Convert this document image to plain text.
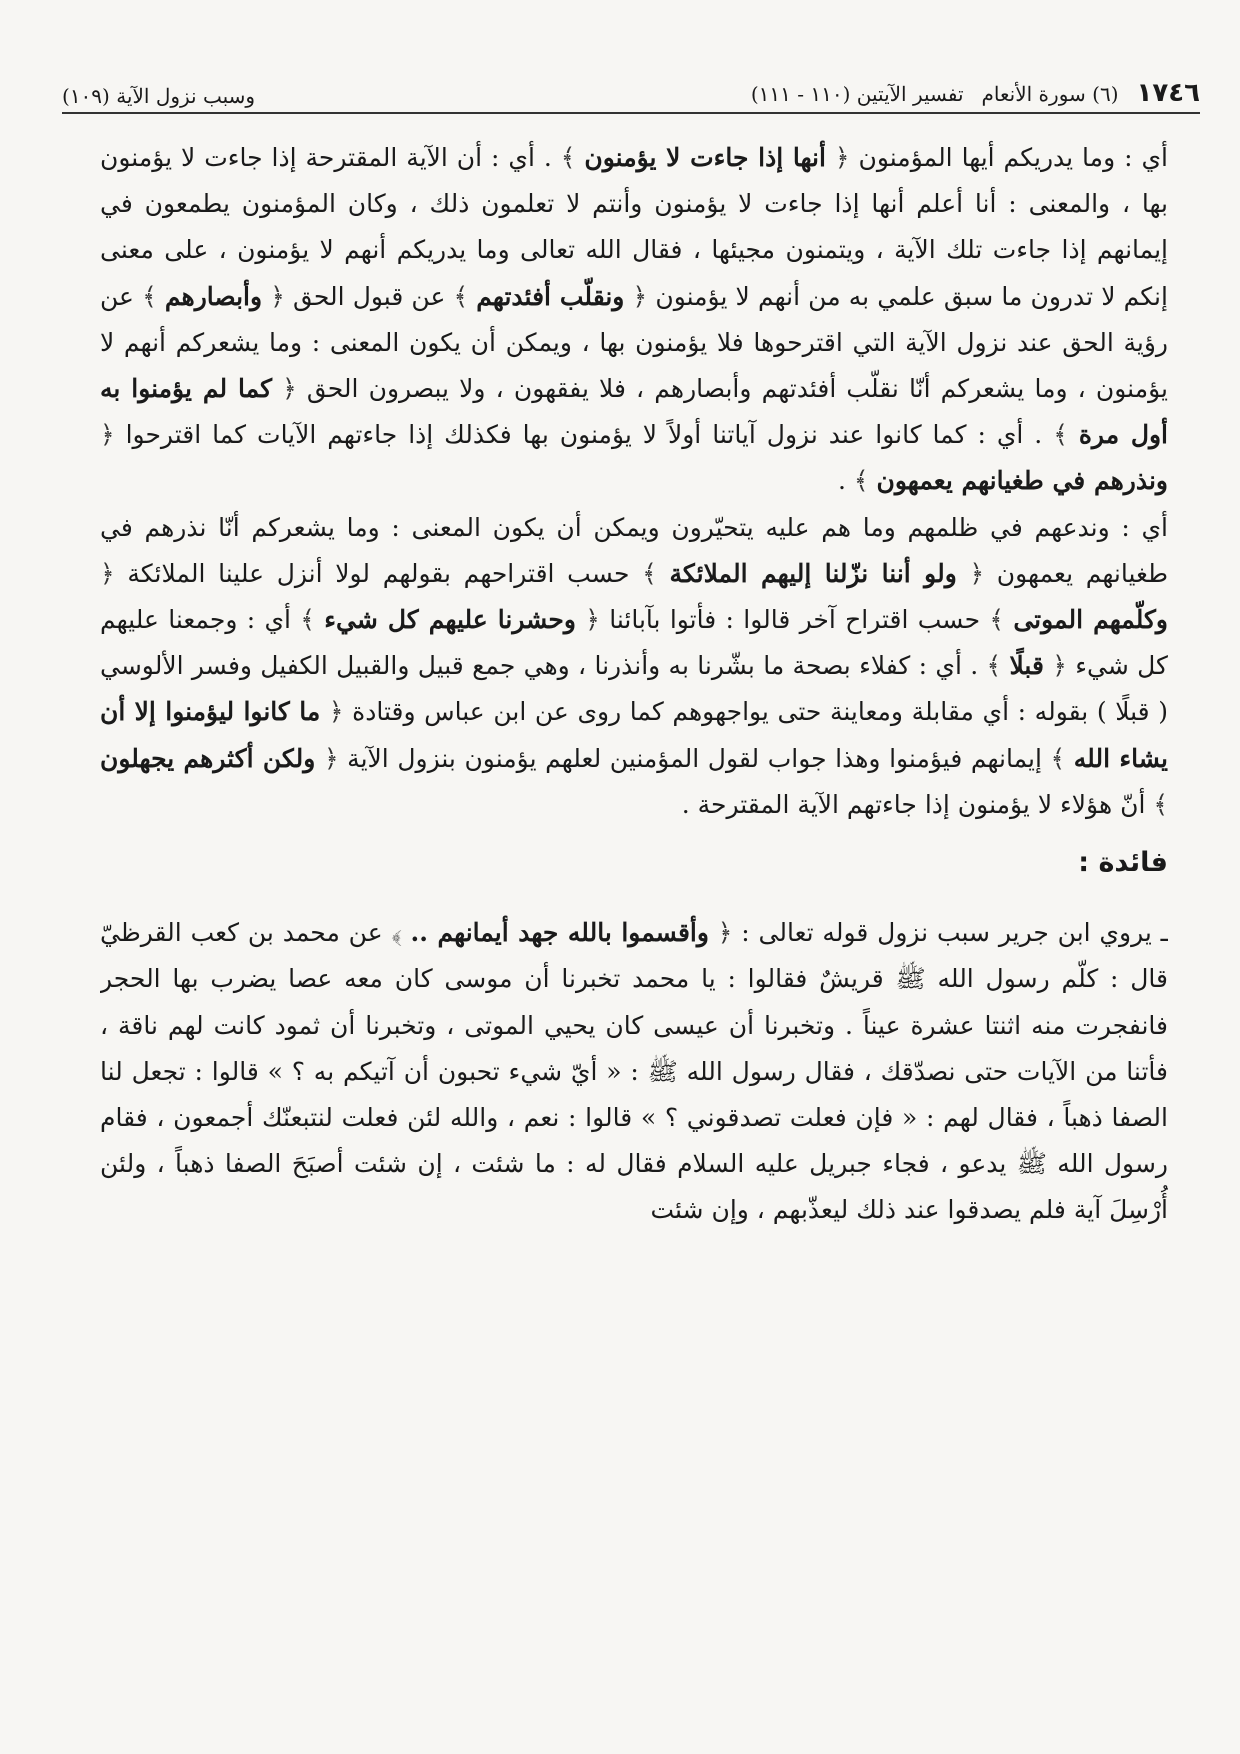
١٧٤٦
(٦) سورة الأنعام
تفسير الآيتين (١١٠ - ١١١)
وسبب نزول الآية (١٠٩)

أي : وما يدريكم أيها المؤمنون ﴿ أنها إذا جاءت لا يؤمنون ﴾ . أي : أن الآية المقترحة إذا جاءت لا يؤمنون بها ، والمعنى : أنا أعلم أنها إذا جاءت لا يؤمنون وأنتم لا تعلمون ذلك ، وكان المؤمنون يطمعون في إيمانهم إذا جاءت تلك الآية ، ويتمنون مجيئها ، فقال الله تعالى وما يدريكم أنهم لا يؤمنون ، على معنى إنكم لا تدرون ما سبق علمي به من أنهم لا يؤمنون ﴿ ونقلّب أفئدتهم ﴾ عن قبول الحق ﴿ وأبصارهم ﴾ عن رؤية الحق عند نزول الآية التي اقترحوها فلا يؤمنون بها ، ويمكن أن يكون المعنى : وما يشعركم أنهم لا يؤمنون ، وما يشعركم أنّا نقلّب أفئدتهم وأبصارهم ، فلا يفقهون ، ولا يبصرون الحق ﴿ كما لم يؤمنوا به أول مرة ﴾ . أي : كما كانوا عند نزول آياتنا أولاً لا يؤمنون بها فكذلك إذا جاءتهم الآيات كما اقترحوا ﴿ ونذرهم في طغيانهم يعمهون ﴾ .

أي : وندعهم في ظلمهم وما هم عليه يتحيّرون ويمكن أن يكون المعنى : وما يشعركم أنّا نذرهم في طغيانهم يعمهون ﴿ ولو أننا نزّلنا إليهم الملائكة ﴾ حسب اقتراحهم بقولهم لولا أنزل علينا الملائكة ﴿ وكلّمهم الموتى ﴾ حسب اقتراح آخر قالوا : فأتوا بآبائنا ﴿ وحشرنا عليهم كل شيء ﴾ أي : وجمعنا عليهم كل شيء ﴿ قبلًا ﴾ . أي : كفلاء بصحة ما بشّرنا به وأنذرنا ، وهي جمع قبيل والقبيل الكفيل وفسر الألوسي ( قبلًا ) بقوله : أي مقابلة ومعاينة حتى يواجهوهم كما روى عن ابن عباس وقتادة ﴿ ما كانوا ليؤمنوا إلا أن يشاء الله ﴾ إيمانهم فيؤمنوا وهذا جواب لقول المؤمنين لعلهم يؤمنون بنزول الآية ﴿ ولكن أكثرهم يجهلون ﴾ أنّ هؤلاء لا يؤمنون إذا جاءتهم الآية المقترحة .

فائدة :

ـ يروي ابن جرير سبب نزول قوله تعالى : ﴿ وأقسموا بالله جهد أيمانهم .. ﴾ عن محمد بن كعب القرظيّ قال : كلّم رسول الله ﷺ قريشٌ فقالوا : يا محمد تخبرنا أن موسى كان معه عصا يضرب بها الحجر فانفجرت منه اثنتا عشرة عيناً . وتخبرنا أن عيسى كان يحيي الموتى ، وتخبرنا أن ثمود كانت لهم ناقة ، فأتنا من الآيات حتى نصدّقك ، فقال رسول الله ﷺ : « أيّ شيء تحبون أن آتيكم به ؟ » قالوا : تجعل لنا الصفا ذهباً ، فقال لهم : « فإن فعلت تصدقوني ؟ » قالوا : نعم ، والله لئن فعلت لنتبعنّك أجمعون ، فقام رسول الله ﷺ يدعو ، فجاء جبريل عليه السلام فقال له : ما شئت ، إن شئت أصبَحَ الصفا ذهباً ، ولئن أُرْسِلَ آية فلم يصدقوا عند ذلك ليعذّبهم ، وإن شئت
